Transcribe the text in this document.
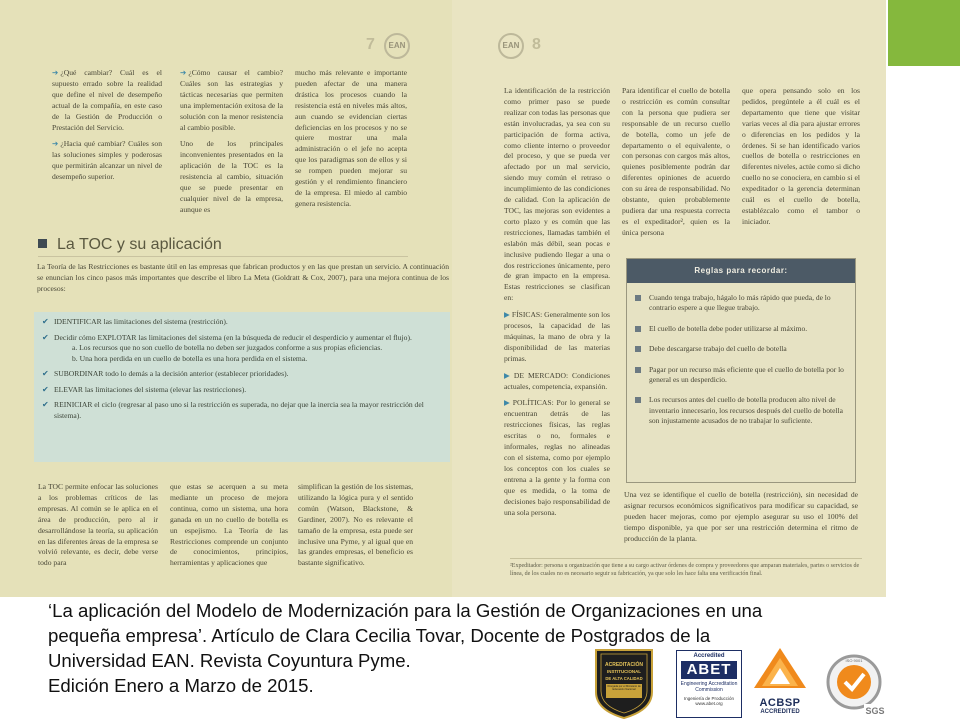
7	EAN

➔ ¿Qué cambiar? Cuál es el supuesto errado sobre la realidad que define el nivel de desempeño actual de la compañía, en este caso de la Gestión de Producción o Prestación del Servicio.

➔ ¿Hacia qué cambiar? Cuáles son las soluciones simples y poderosas que permitirán alcanzar un nivel de desempeño superior.

➔ ¿Cómo causar el cambio? Cuáles son las estrategias y tácticas necesarias que permiten una implementación exitosa de la solución con la menor resistencia al cambio posible.

Uno de los principales inconvenientes presentados en la aplicación de la TOC es la resistencia al cambio, situación que se puede presentar en cualquier nivel de la empresa, aunque es

mucho más relevante e importante pueden afectar de una manera drástica los procesos cuando la resistencia está en niveles más altos, aun cuando se evidencian ciertas deficiencias en los procesos y no se quiere mostrar una mala administración o el jefe no acepta que los paradigmas son de ellos y si se rompen pueden mejorar su gestión y el rendimiento financiero de la empresa. El miedo al cambio genera resistencia.

La TOC y su aplicación
La Teoría de las Restricciones es bastante útil en las empresas que fabrican productos y en las que prestan un servicio. A continuación se enuncian los cinco pasos más importantes que describe el libro La Meta (Goldratt & Cox, 2007), para una mejora continua de los procesos:
✔ IDENTIFICAR las limitaciones del sistema (restricción).
✔ Decidir cómo EXPLOTAR las limitaciones del sistema (en la búsqueda de reducir el desperdicio y aumentar el flujo).
a. Los recursos que no son cuello de botella no deben ser juzgados conforme a sus propias eficiencias.
b. Una hora perdida en un cuello de botella es una hora perdida en el sistema.
✔ SUBORDINAR todo lo demás a la decisión anterior (establecer prioridades).
✔ ELEVAR las limitaciones del sistema (elevar las restricciones).
✔ REINICIAR el ciclo (regresar al paso uno si la restricción es superada, no dejar que la inercia sea la mayor restricción del sistema).
La TOC permite enfocar las soluciones a los problemas críticos de las empresas. Al común se le aplica en el área de producción, pero al ir desarrollándose la teoría, su aplicación en las diferentes áreas de la empresa se volvió relevante, es decir, debe verse todo para
que estas se acerquen a su meta mediante un proceso de mejora continua, como un sistema, una hora ganada en un no cuello de botella es un espejismo. La Teoría de las Restricciones comprende un conjunto de conocimientos, principios, herramientas y aplicaciones que
simplifican la gestión de los sistemas, utilizando la lógica pura y el sentido común (Watson, Blackstone, & Gardiner, 2007). No es relevante el tamaño de la empresa, esta puede ser inclusive una Pyme, y al igual que en las grandes empresas, el beneficio es bastante significativo.
EAN 8

La identificación de la restricción como primer paso se puede realizar con todas las personas que están involucradas, ya sea con su participación de forma activa, como cliente interno o proveedor del proceso, y que se pueda ver afectado por un mal servicio, siendo muy común el retraso o incumplimiento de las condiciones de calidad. Con la aplicación de TOC, las mejoras son evidentes a corto plazo y es común que las restricciones, llamadas también el eslabón más débil, sean pocas e inclusive pudiendo llegar a una o dos restricciones únicamente, pero de gran impacto en la empresa. Estas restricciones se clasifican en:

▶ FÍSICAS: Generalmente son los procesos, la capacidad de las máquinas, la mano de obra y la disponibilidad de las materias primas.

▶ DE MERCADO: Condiciones actuales, competencia, expansión.

▶ POLÍTICAS: Por lo general se encuentran detrás de las restricciones físicas, las reglas escritas o no, formales e informales, reglas no alineadas con el sistema, como por ejemplo los conceptos con los cuales se entrena a la gente y la forma con que es medida, o la toma de decisiones bajo responsabilidad de una sola persona.

Para identificar el cuello de botella o restricción es común consultar con la persona que pudiera ser responsable de un recurso cuello de botella, como un jefe de departamento o el equivalente, o con personas con cargos más altos, quienes posiblemente podrán dar diferentes opiniones de acuerdo con su área de responsabilidad. No obstante, quien probablemente pudiera dar una respuesta correcta es el expeditador², quien es la única persona
que opera pensando solo en los pedidos, pregúntele a él cuál es el departamento que tiene que visitar varias veces al día para ajustar errores o diferencias en los pedidos y la órdenes. Si se han identificado varios cuellos de botella o restricciones en diferentes niveles, actúe como si dicho cuello no se conociera, en cambio si el expeditador o la gerencia determinan cuál es el cuello de botella, establézcalo como el tambor o iniciador.
Reglas para recordar:
Cuando tenga trabajo, hágalo lo más rápido que pueda, de lo contrario espere a que llegue trabajo.
El cuello de botella debe poder utilizarse al máximo.
Debe descargarse trabajo del cuello de botella
Pagar por un recurso más eficiente que el cuello de botella por lo general es un desperdicio.
Los recursos antes del cuello de botella producen alto nivel de inventario innecesario, los recursos después del cuello de botella son injustamente acusados de no trabajar lo suficiente.
Una vez se identifique el cuello de botella (restricción), sin necesidad de asignar recursos económicos significativos para modificar su capacidad, se pueden hacer mejoras, como por ejemplo asegurar su uso el 100% del tiempo disponible, ya que por ser una restricción determina el ritmo de producción de la planta.
²Expeditador: persona u organización que tiene a su cargo activar órdenes de compra y proveedores que amparan materiales, partes o servicios de línea, de los cuales no es necesario seguir su fabricación, ya que solo les hace falta una verificación final.

‘La aplicación del Modelo de Modernización para la Gestión de Organizaciones en una

pequeña empresa’. Artículo de Clara Cecilia Tovar, Docente de Postgrados de la

Universidad EAN. Revista Coyuntura Pyme.

Edición Enero a Marzo de 2015.

ACREDITACIÓN
INSTITUCIONAL
DE ALTA CALIDAD
Otorgada por el Ministerio de Educación Nacional
Accredited
ABET
Engineering Accreditation Commission
Ingeniería de Producción www.abet.org	ACBSP
ACCREDITED
ISO 9001
SGS
